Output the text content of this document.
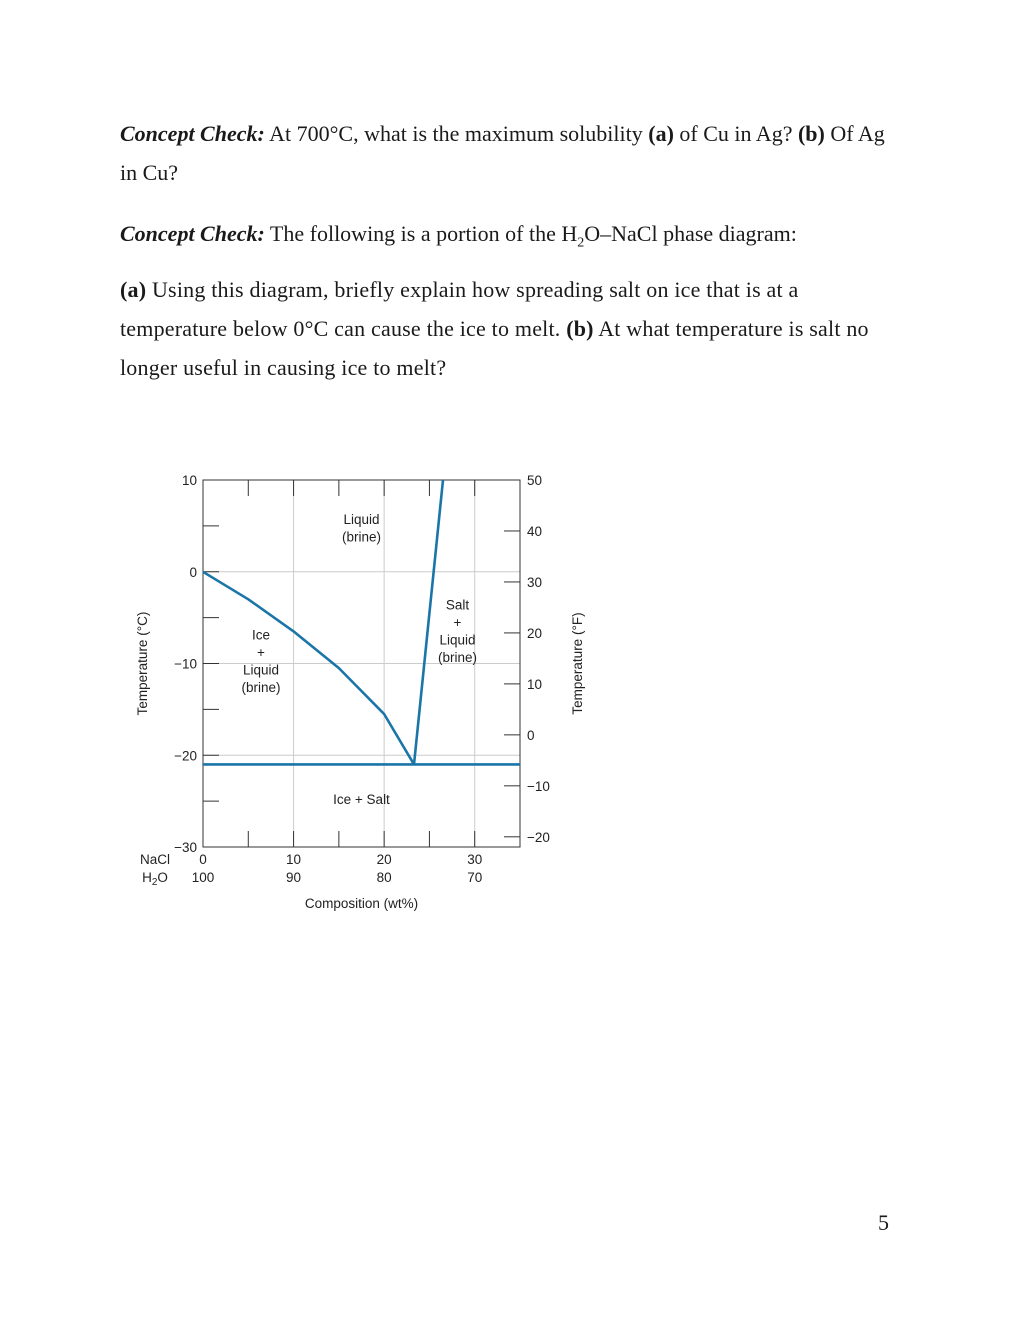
Concept Check: At 700°C, what is the maximum solubility (a) of Cu in Ag? (b) Of Ag in Cu?
Concept Check: The following is a portion of the $H_2O$–NaCl phase diagram:
(a) Using this diagram, briefly explain how spreading salt on ice that is at a temperature below 0°C can cause the ice to melt. (b) At what temperature is salt no longer useful in causing ice to melt?
10
0
−10
−20
−30
50
40
30
20
10
0
−10
−20
0	10	20	30
100	90	80	70
NaCl
$H_2O$
Composition (wt%)
Temperature (°C)	Temperature (°F)
Liquid
(brine)
Ice
+
Liquid
(brine)
Salt
+
Liquid
(brine)
Ice + Salt
5
